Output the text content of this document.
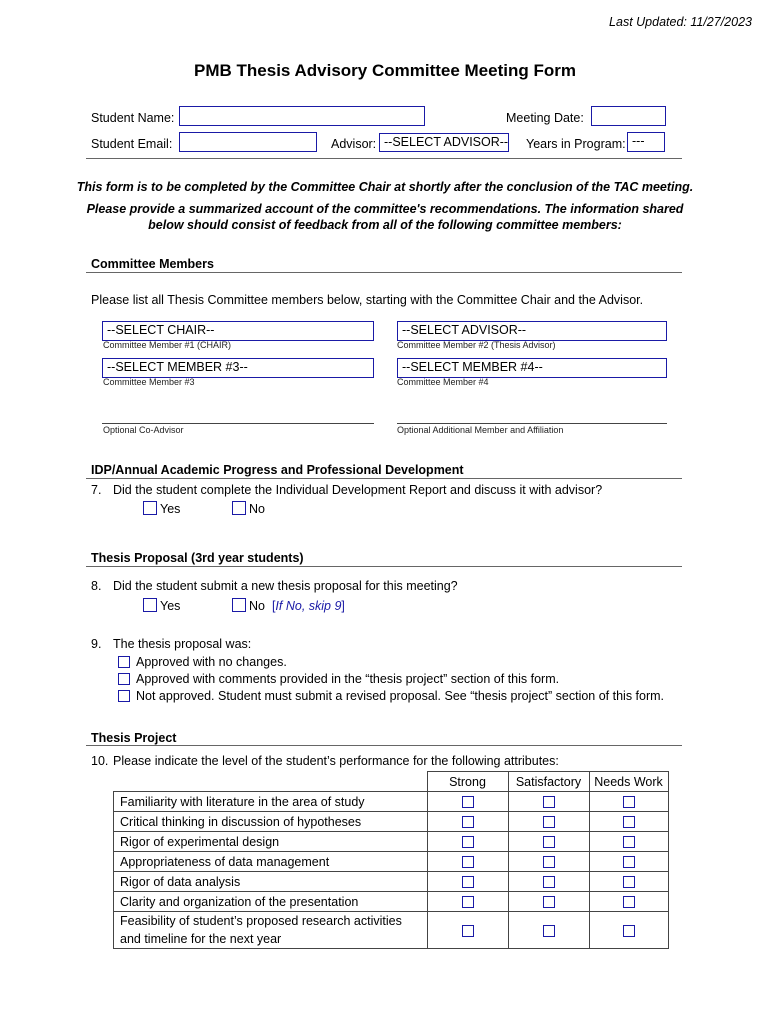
Last Updated: 11/27/2023
PMB Thesis Advisory Committee Meeting Form
Student Name:	Meeting Date:
Student Email:	Advisor: --SELECT ADVISOR-- Years in Program: ---
This form is to be completed by the Committee Chair at shortly after the conclusion of the TAC meeting.
Please provide a summarized account of the committee's recommendations. The information shared
below should consist of feedback from all of the following committee members:
Committee Members
Please list all Thesis Committee members below, starting with the Committee Chair and the Advisor.
--SELECT CHAIR--
Committee Member #1 (CHAIR)
--SELECT ADVISOR--
Committee Member #2 (Thesis Advisor)
--SELECT MEMBER #3--
Committee Member #3
--SELECT MEMBER #4--
Committee Member #4
Optional Co-Advisor	Optional Additional Member and Affiliation
IDP/Annual Academic Progress and Professional Development
7. Did the student complete the Individual Development Report and discuss it with advisor?
Yes	No
Thesis Proposal (3rd year students)
8. Did the student submit a new thesis proposal for this meeting?
Yes	No [If No, skip 9]
9. The thesis proposal was:
Approved with no changes.
Approved with comments provided in the “thesis project” section of this form.
Not approved. Student must submit a revised proposal. See “thesis project” section of this form.
Thesis Project
10. Please indicate the level of the student’s performance for the following attributes:
	Strong	Satisfactory	Needs Work
Familiarity with literature in the area of study			
Critical thinking in discussion of hypotheses			
Rigor of experimental design			
Appropriateness of data management			
Rigor of data analysis			
Clarity and organization of the presentation			

Feasibility of student’s proposed research activities
and timeline for the next year			
